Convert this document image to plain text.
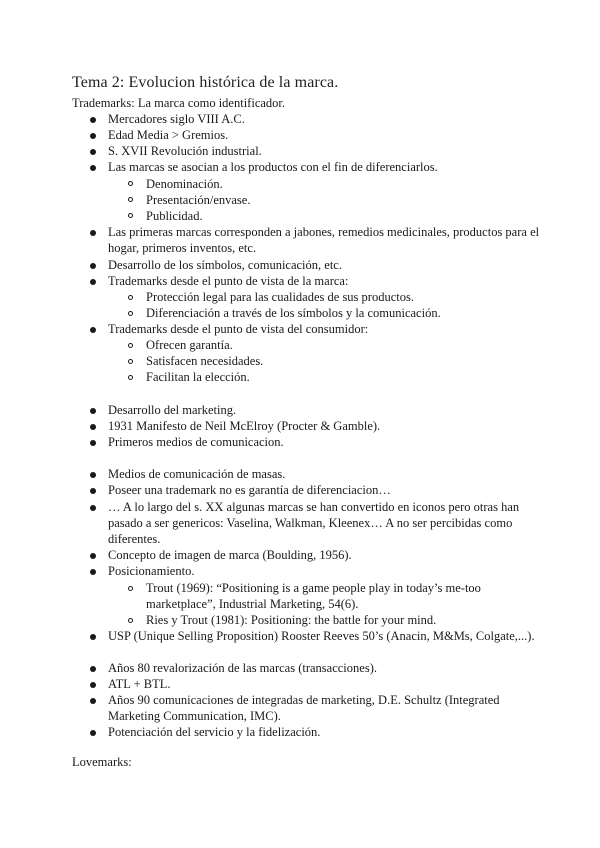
Tema 2: Evolucion histórica de la marca.
Trademarks: La marca como identificador.
Mercadores siglo VIII A.C.
Edad Media > Gremios.
S. XVII Revolución industrial.
Las marcas se asocian a los productos con el fin de diferenciarlos.
Denominación.
Presentación/envase.
Publicidad.
Las primeras marcas corresponden a jabones, remedios medicinales, productos para el
hogar, primeros inventos, etc.
Desarrollo de los símbolos, comunicación, etc.
Trademarks desde el punto de vista de la marca:
Protección legal para las cualidades de sus productos.
Diferenciación a través de los símbolos y la comunicación.
Trademarks desde el punto de vista del consumidor:
Ofrecen garantía.
Satisfacen necesidades.
Facilitan la elección.
Desarrollo del marketing.
1931 Manifesto de Neil McElroy (Procter & Gamble).
Primeros medios de comunicacion.
Medios de comunicación de masas.
Poseer una trademark no es garantía de diferenciacion…
… A lo largo del s. XX algunas marcas se han convertido en iconos pero otras han
pasado a ser genericos: Vaselina, Walkman, Kleenex… A no ser percibidas como
diferentes.
Concepto de imagen de marca (Boulding, 1956).
Posicionamiento.
Trout (1969): “Positioning is a game people play in today’s me-too
marketplace”, Industrial Marketing, 54(6).
Ries y Trout (1981): Positioning: the battle for your mind.
USP (Unique Selling Proposition) Rooster Reeves 50’s (Anacin, M&Ms, Colgate,...).
Años 80 revalorización de las marcas (transacciones).
ATL + BTL.
Años 90 comunicaciones de integradas de marketing, D.E. Schultz (Integrated
Marketing Communication, IMC).
Potenciación del servicio y la fidelización.
Lovemarks:
